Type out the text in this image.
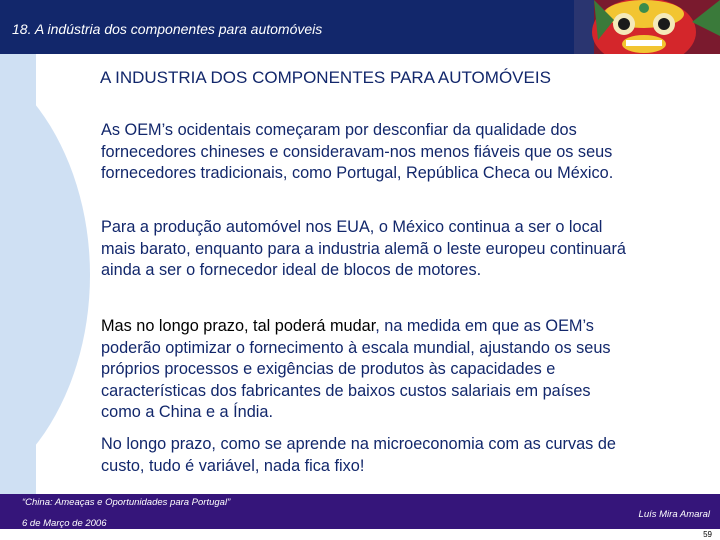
18. A indústria dos componentes para automóveis
A INDUSTRIA DOS COMPONENTES PARA AUTOMÓVEIS
As OEM’s ocidentais começaram por desconfiar da qualidade dos fornecedores chineses e consideravam-nos menos fiáveis que os seus fornecedores tradicionais, como Portugal, República Checa ou México.
Para a produção automóvel nos EUA, o México continua a ser o local mais barato, enquanto para a industria alemã o leste europeu continuará ainda a ser o fornecedor ideal de blocos de motores.
Mas no longo prazo, tal poderá mudar, na medida em que as OEM’s poderão optimizar o fornecimento à escala mundial, ajustando os seus próprios processos e exigências de produtos às capacidades e características dos fabricantes de baixos custos salariais em países como a China e a Índia.
No longo prazo, como se aprende na microeconomia com as curvas de custo, tudo é variável, nada fica fixo!
“China: Ameaças e Oportunidades para Portugal”
6 de Março de 2006
Luís Mira Amaral
59
